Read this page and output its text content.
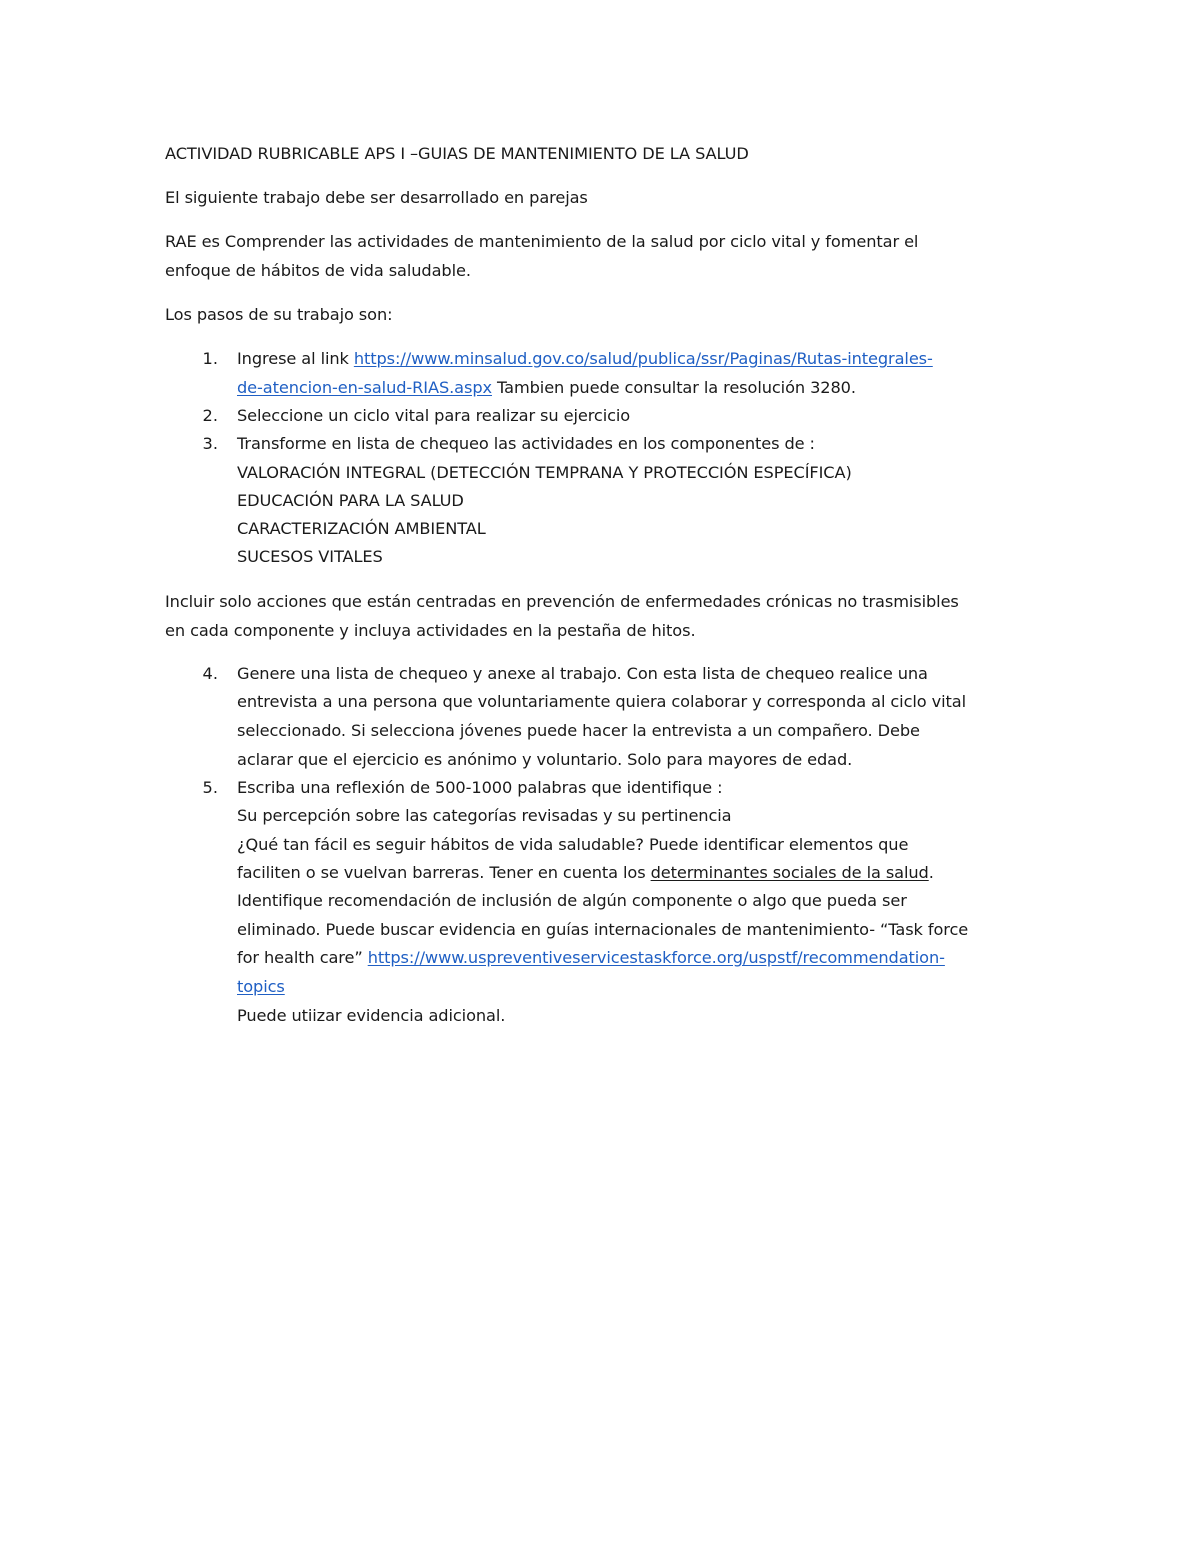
ACTIVIDAD RUBRICABLE APS I –GUIAS DE MANTENIMIENTO DE LA SALUD
El siguiente trabajo debe ser desarrollado en parejas
RAE es Comprender las actividades de mantenimiento de la salud por ciclo vital y fomentar el
enfoque de hábitos de vida saludable.
Los pasos de su trabajo son:
1. Ingrese al link https://www.minsalud.gov.co/salud/publica/ssr/Paginas/Rutas-integrales-
de-atencion-en-salud-RIAS.aspx Tambien puede consultar la resolución 3280.
2. Seleccione un ciclo vital para realizar su ejercicio
3. Transforme en lista de chequeo las actividades en los componentes de :
VALORACIÓN INTEGRAL (DETECCIÓN TEMPRANA Y PROTECCIÓN ESPECÍFICA)
EDUCACIÓN PARA LA SALUD
CARACTERIZACIÓN AMBIENTAL
SUCESOS VITALES
Incluir solo acciones que están centradas en prevención de enfermedades crónicas no trasmisibles
en cada componente y incluya actividades en la pestaña de hitos.
4. Genere una lista de chequeo y anexe al trabajo. Con esta lista de chequeo realice una
entrevista a una persona que voluntariamente quiera colaborar y corresponda al ciclo vital
seleccionado. Si selecciona jóvenes puede hacer la entrevista a un compañero. Debe
aclarar que el ejercicio es anónimo y voluntario. Solo para mayores de edad.
5. Escriba una reflexión de 500-1000 palabras que identifique :
Su percepción sobre las categorías revisadas y su pertinencia
¿Qué tan fácil es seguir hábitos de vida saludable? Puede identificar elementos que
faciliten o se vuelvan barreras. Tener en cuenta los determinantes sociales de la salud.
Identifique recomendación de inclusión de algún componente o algo que pueda ser
eliminado. Puede buscar evidencia en guías internacionales de mantenimiento- “Task force
for health care” https://www.uspreventiveservicestaskforce.org/uspstf/recommendation-
topics
Puede utiizar evidencia adicional.
